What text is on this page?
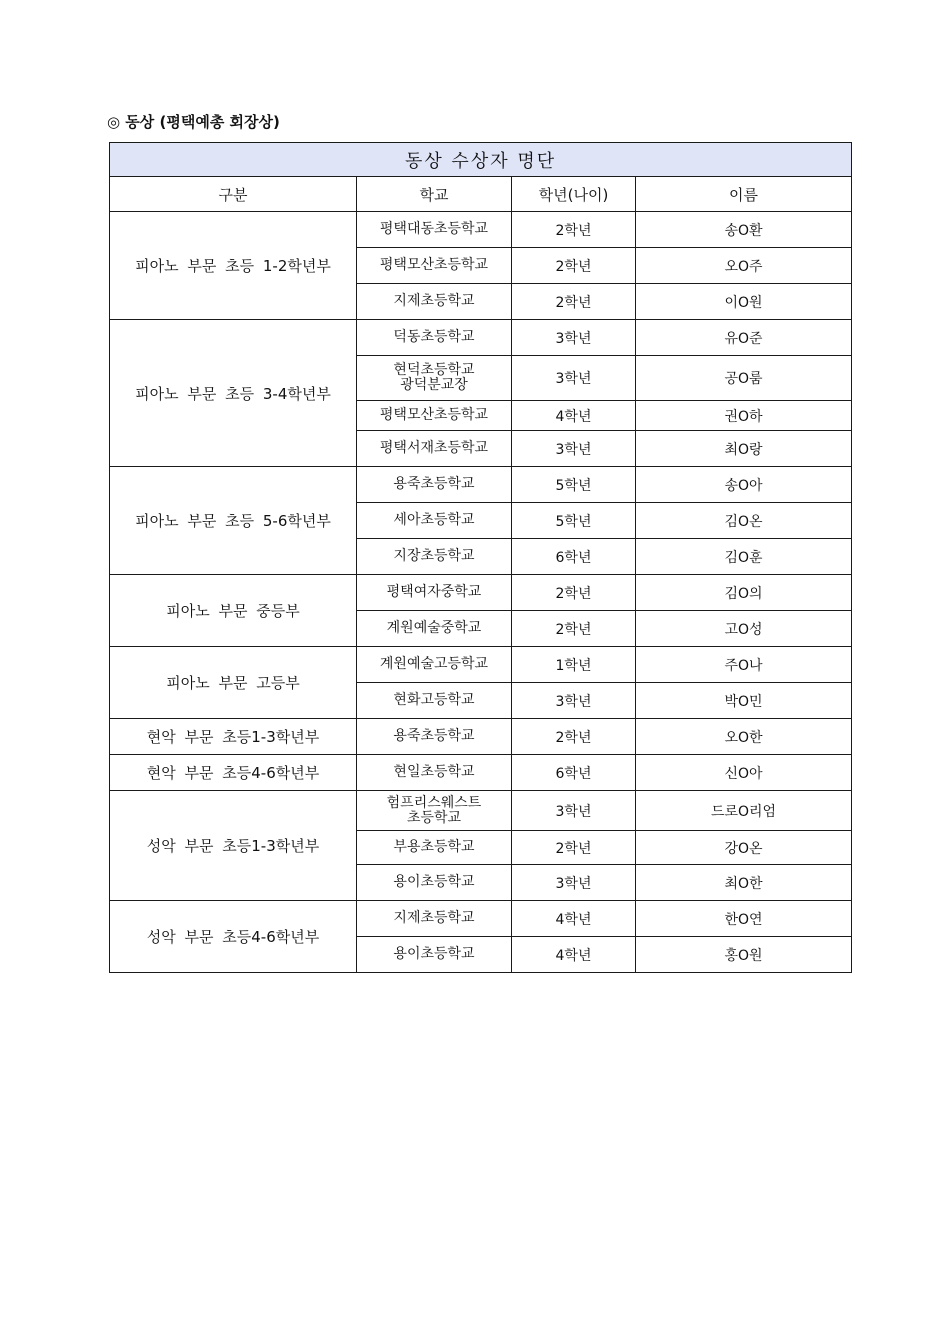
◎ 동상 (평택예총 회장상)
동상 수상자 명단			
구분	학교	학년(나이)	이름
피아노 부문 초등 1-2학년부	평택대동초등학교	2학년	송O환
	평택모산초등학교	2학년	오O주
	지제초등학교	2학년	이O원
피아노 부문 초등 3-4학년부	덕동초등학교	3학년	유O준
	현덕초등학교
광덕분교장	3학년	공O룸
	평택모산초등학교	4학년	권O하
	평택서재초등학교	3학년	최O랑
피아노 부문 초등 5-6학년부	용죽초등학교	5학년	송O아
	세아초등학교	5학년	김O온
	지장초등학교	6학년	김O훈
피아노 부문 중등부	평택여자중학교	2학년	김O의
	계원예술중학교	2학년	고O성
피아노 부문 고등부	계원예술고등학교	1학년	주O나
	현화고등학교	3학년	박O민
현악 부문 초등1-3학년부	용죽초등학교	2학년	오O한
현악 부문 초등4-6학년부	현일초등학교	6학년	신O아
성악 부문 초등1-3학년부	험프리스웨스트
초등학교	3학년	드로O리엄
	부용초등학교	2학년	강O온
	용이초등학교	3학년	최O한
성악 부문 초등4-6학년부	지제초등학교	4학년	한O연
	용이초등학교	4학년	홍O원
